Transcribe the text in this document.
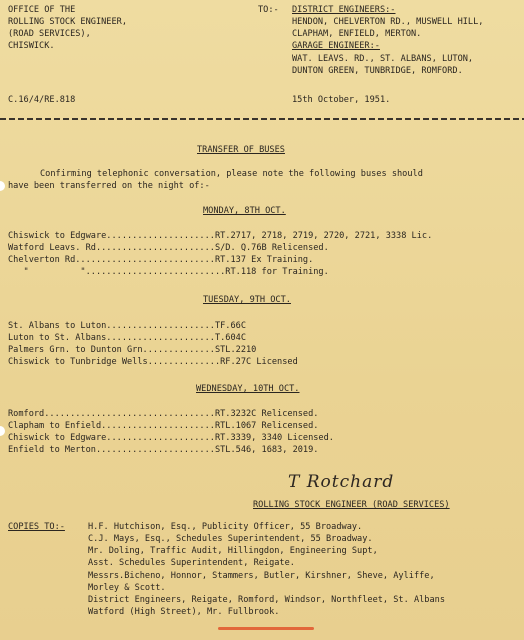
OFFICE OF THE
ROLLING STOCK ENGINEER,
(ROAD SERVICES),
CHISWICK.
TO:- DISTRICT ENGINEERS:-
HENDON, CHELVERTON RD., MUSWELL HILL,
CLAPHAM, ENFIELD, MERTON.
GARAGE ENGINEER:-
WAT. LEAVS. RD., ST. ALBANS, LUTON,
DUNTON GREEN, TUNBRIDGE, ROMFORD.
C.16/4/RE.818	15th October, 1951.
TRANSFER OF BUSES
Confirming telephonic conversation, please note the following buses should
have been transferred on the night of:-
MONDAY, 8TH OCT.
Chiswick to Edgware.....................RT.2717, 2718, 2719, 2720, 2721, 3338 Lic.
Watford Leavs. Rd.......................S/D. Q.76B Relicensed.
Chelverton Rd...........................RT.137 Ex Training.
"          "...........................RT.118 for Training.
TUESDAY, 9TH OCT.
St. Albans to Luton.....................TF.66C
Luton to St. Albans.....................T.604C
Palmers Grn. to Dunton Grn..............STL.2210
Chiswick to Tunbridge Wells..............RF.27C Licensed
WEDNESDAY, 10TH OCT.
Romford.................................RT.3232C Relicensed.
Clapham to Enfield......................RTL.1067 Relicensed.
Chiswick to Edgware.....................RT.3339, 3340 Licensed.
Enfield to Merton.......................STL.546, 1683, 2019.
T Rotchard
ROLLING STOCK ENGINEER (ROAD SERVICES)
COPIES TO:-	H.F. Hutchison, Esq., Publicity Officer, 55 Broadway.
C.J. Mays, Esq., Schedules Superintendent, 55 Broadway.
Mr. Doling, Traffic Audit, Hillingdon, Engineering Supt,
Asst. Schedules Superintendent, Reigate.
Messrs.Bicheno, Honnor, Stammers, Butler, Kirshner, Sheve, Ayliffe,
Morley & Scott.
District Engineers, Reigate, Romford, Windsor, Northfleet, St. Albans
Watford (High Street), Mr. Fullbrook.
